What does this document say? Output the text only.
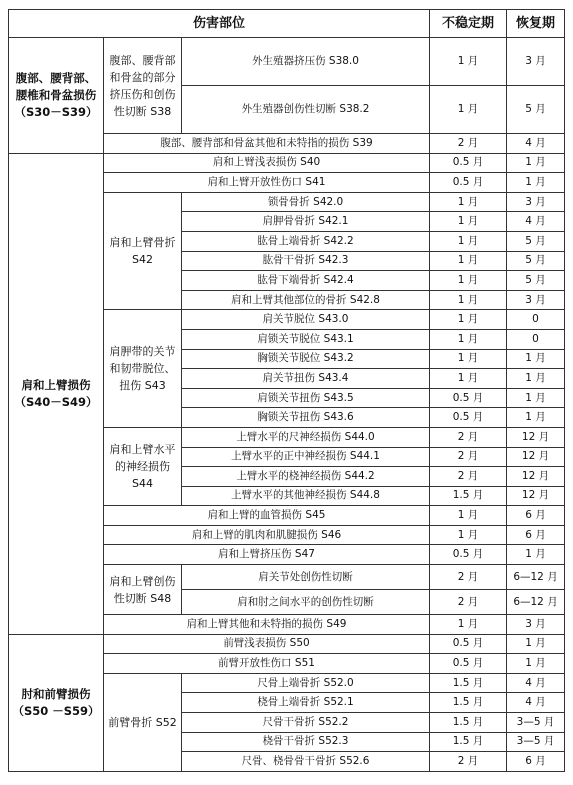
伤害部位			不稳定期	恢复期
腹部、腰背部、腰椎和骨盆损伤（S30－S39）	腹部、腰背部和骨盆的部分挤压伤和创伤性切断 S38	外生殖器挤压伤 S38.0	1 月	3 月
		外生殖器创伤性切断 S38.2	1 月	5 月
	腹部、腰背部和骨盆其他和未特指的损伤 S39		2 月	4 月
肩和上臂损伤（S40－S49）	肩和上臂浅表损伤 S40		0.5 月	1 月
	肩和上臂开放性伤口 S41		0.5 月	1 月
	肩和上臂骨折 S42	锁骨骨折 S42.0	1 月	3 月
		肩胛骨骨折 S42.1	1 月	4 月
		肱骨上端骨折 S42.2	1 月	5 月
		肱骨干骨折 S42.3	1 月	5 月
		肱骨下端骨折 S42.4	1 月	5 月
		肩和上臂其他部位的骨折 S42.8	1 月	3 月
	肩胛带的关节和韧带脱位、扭伤 S43	肩关节脱位 S43.0	1 月	0
		肩锁关节脱位 S43.1	1 月	0
		胸锁关节脱位 S43.2	1 月	1 月
		肩关节扭伤 S43.4	1 月	1 月
		肩锁关节扭伤 S43.5	0.5 月	1 月
		胸锁关节扭伤 S43.6	0.5 月	1 月
	肩和上臂水平的神经损伤 S44	上臂水平的尺神经损伤 S44.0	2 月	12 月
		上臂水平的正中神经损伤 S44.1	2 月	12 月
		上臂水平的桡神经损伤 S44.2	2 月	12 月
		上臂水平的其他神经损伤 S44.8	1.5 月	12 月
	肩和上臂的血管损伤 S45		1 月	6 月
	肩和上臂的肌肉和肌腱损伤 S46		1 月	6 月
	肩和上臂挤压伤 S47		0.5 月	1 月
	肩和上臂创伤性切断 S48	肩关节处创伤性切断	2 月	6—12 月
		肩和肘之间水平的创伤性切断	2 月	6—12 月
	肩和上臂其他和未特指的损伤 S49		1 月	3 月
肘和前臂损伤（S50 －S59）	前臂浅表损伤 S50		0.5 月	1 月
	前臂开放性伤口 S51		0.5 月	1 月
	前臂骨折 S52	尺骨上端骨折 S52.0	1.5 月	4 月
		桡骨上端骨折 S52.1	1.5 月	4 月
		尺骨干骨折 S52.2	1.5 月	3—5 月
		桡骨干骨折 S52.3	1.5 月	3—5 月
		尺骨、桡骨骨干骨折 S52.6	2 月	6 月
